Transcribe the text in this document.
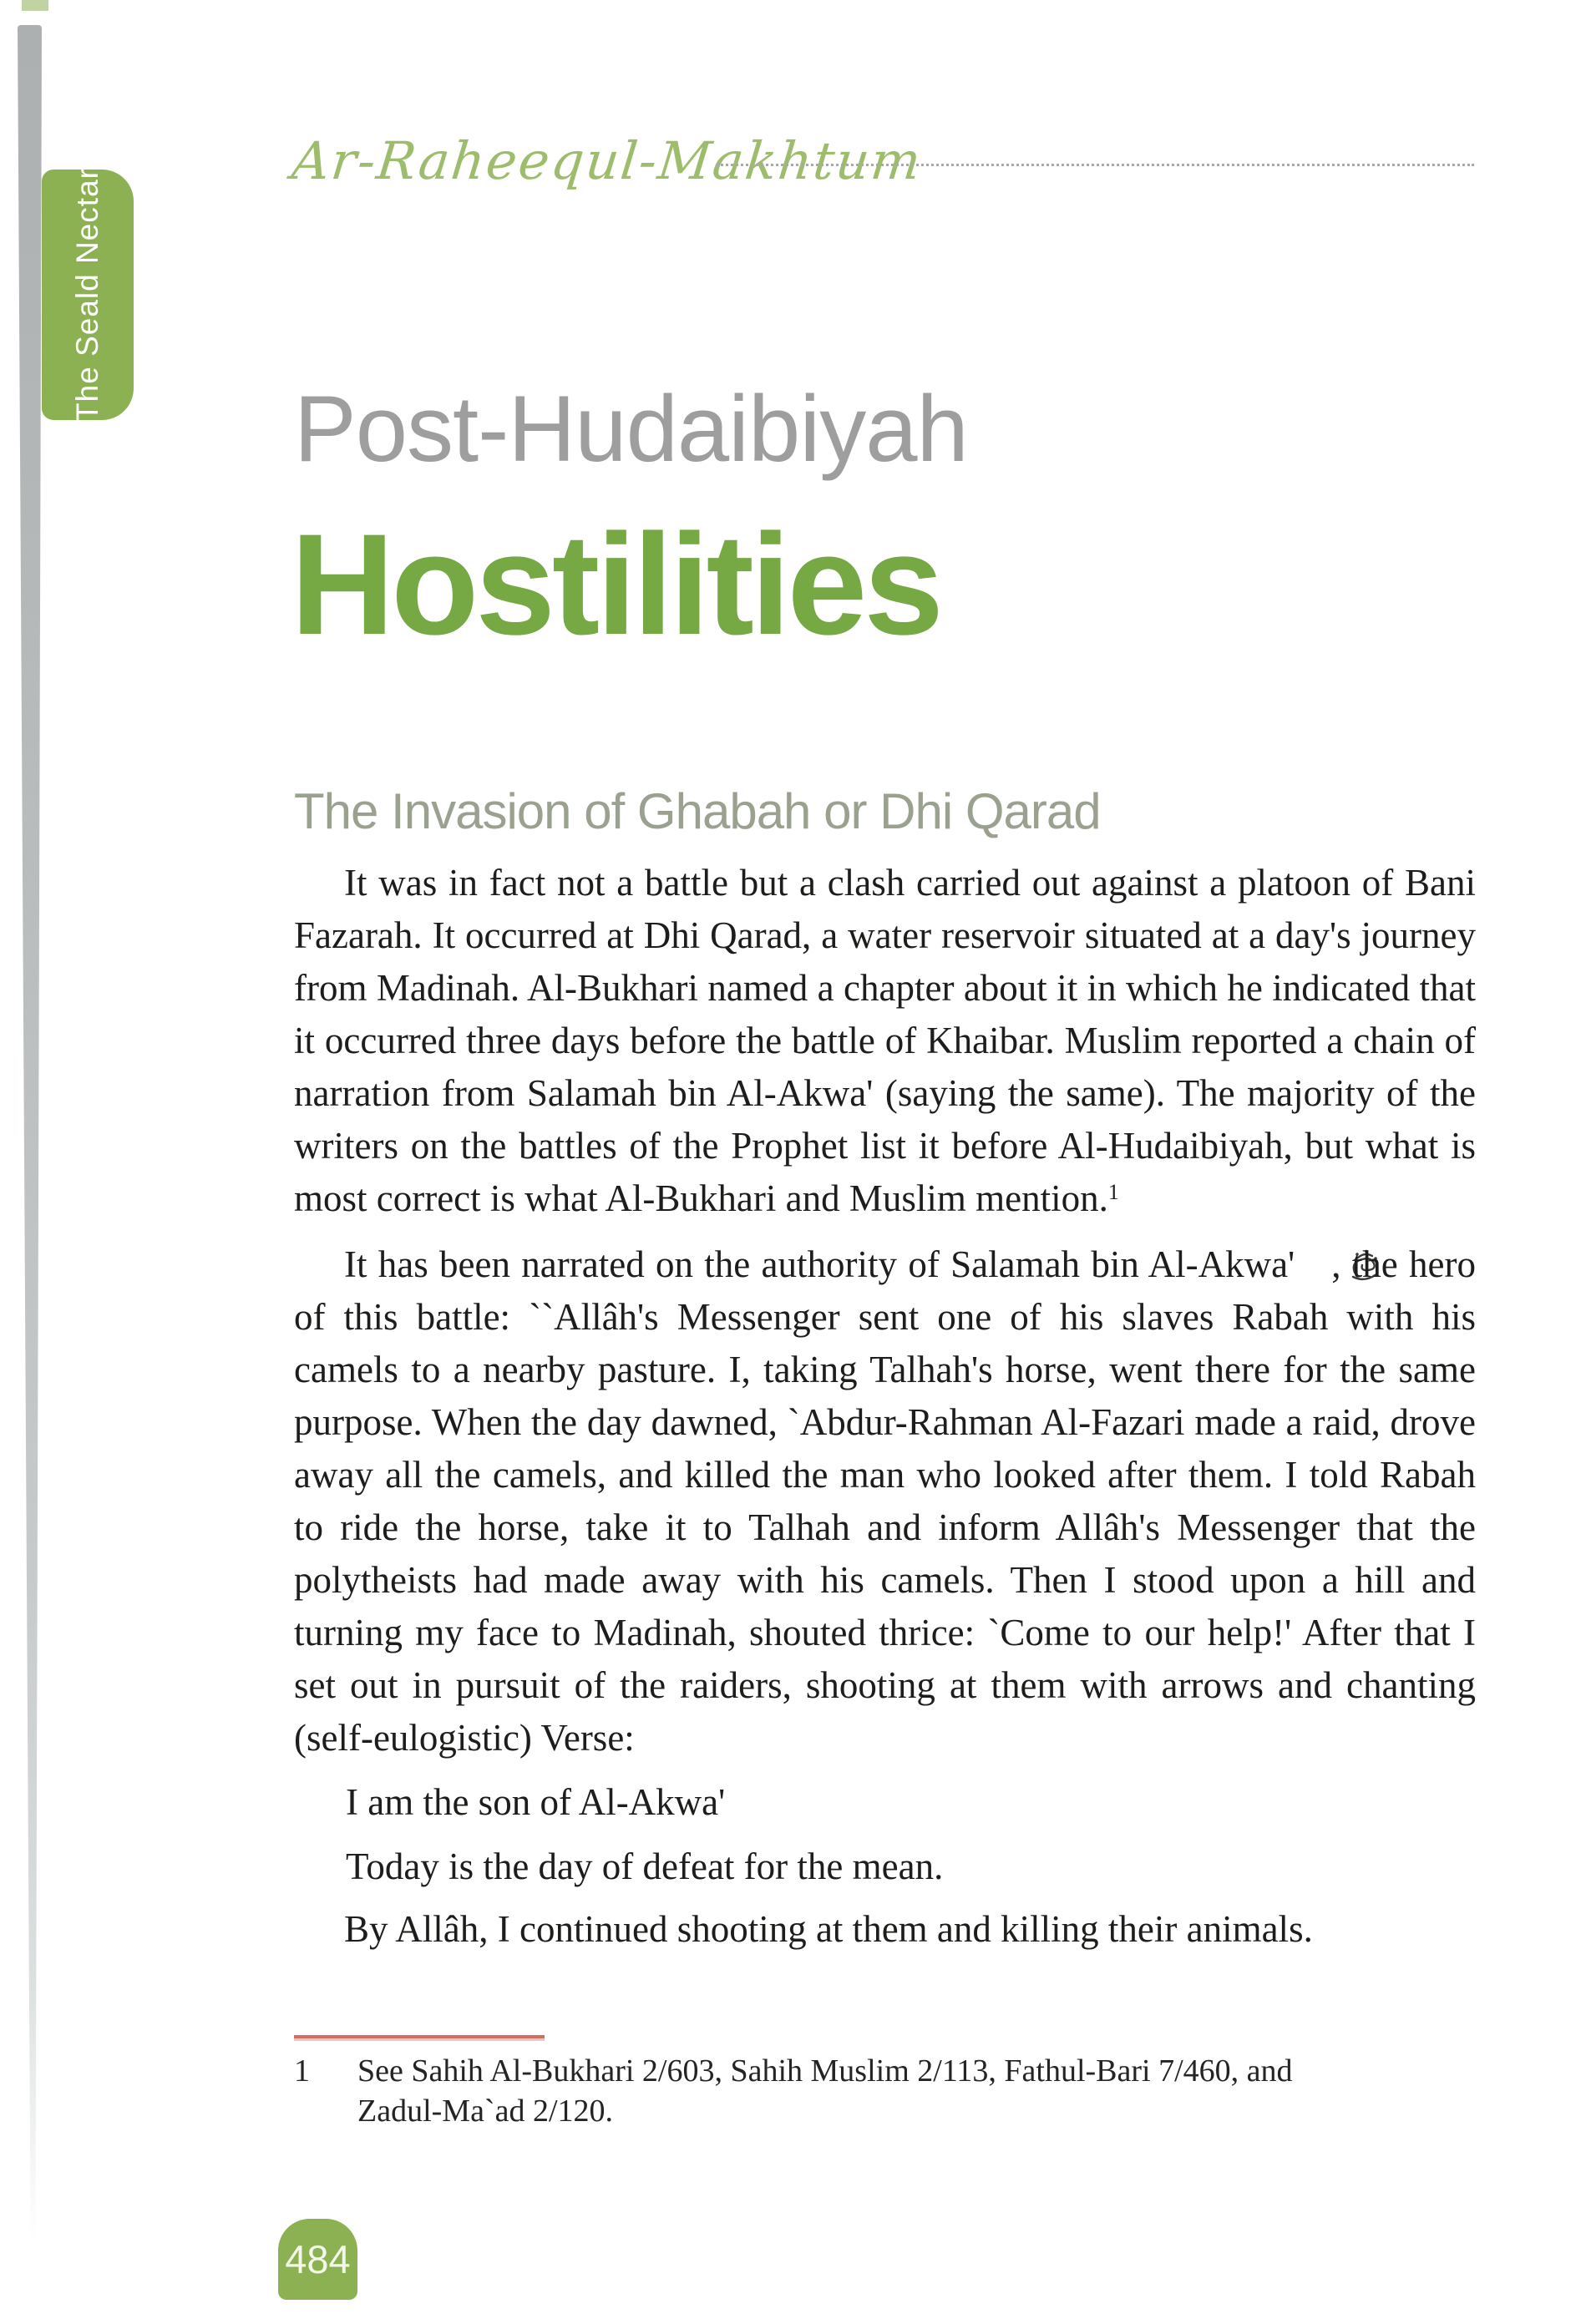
Ar-Raheequl-Makhtum
The Seald Nectar
Post-Hudaibiyah
Hostilities
The Invasion of Ghabah or Dhi Qarad

It was in fact not a battle but a clash carried out against a platoon of Bani Fazarah. It occurred at Dhi Qarad, a water reservoir situated at a day's journey from Madinah. Al-Bukhari named a chapter about it in which he indicated that it occurred three days before the battle of Khaibar. Muslim reported a chain of narration from Salamah bin Al-Akwa' (saying the same). The majority of the writers on the battles of the Prophet list it before Al-Hudaibiyah, but what is most correct is what Al-Bukhari and Muslim mention.$^1$

It has been narrated on the authority of Salamah bin Al-Akwa' , the hero of this battle: ``Allâh's Messenger sent one of his slaves Rabah with his camels to a nearby pasture. I, taking Talhah's horse, went there for the same purpose. When the day dawned, `Abdur-Rahman Al-Fazari made a raid, drove away all the camels, and killed the man who looked after them. I told Rabah to ride the horse, take it to Talhah and inform Allâh's Messenger that the polytheists had made away with his camels. Then I stood upon a hill and turning my face to Madinah, shouted thrice: `Come to our help!' After that I set out in pursuit of the raiders, shooting at them with arrows and chanting (self-eulogistic) Verse:

I am the son of Al-Akwa'

Today is the day of defeat for the mean.

By Allâh, I continued shooting at them and killing their animals.

1	See Sahih Al-Bukhari 2/603, Sahih Muslim 2/113, Fathul-Bari 7/460, and Zadul-Ma`ad 2/120.
484
